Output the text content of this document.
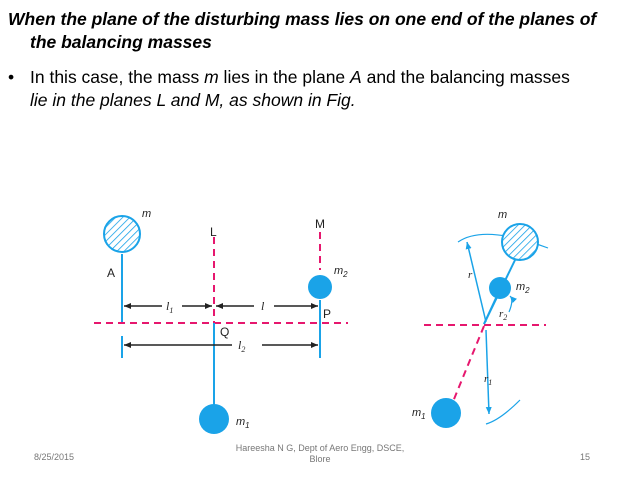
When the plane of the disturbing mass lies on one end of the planes of
the balancing masses

• In this case, the mass m lies in the plane A and the balancing masses
lie in the planes L and M, as shown in Fig.
m
A
L
M
$m_2$
P
Q
$m_1$
$l_1$	l
$l_2$
m
r
$m_2$
$r_2$
$r_1$
$m_1$
8/25/2015
Hareesha N G, Dept of Aero Engg, DSCE,
Blore	15
